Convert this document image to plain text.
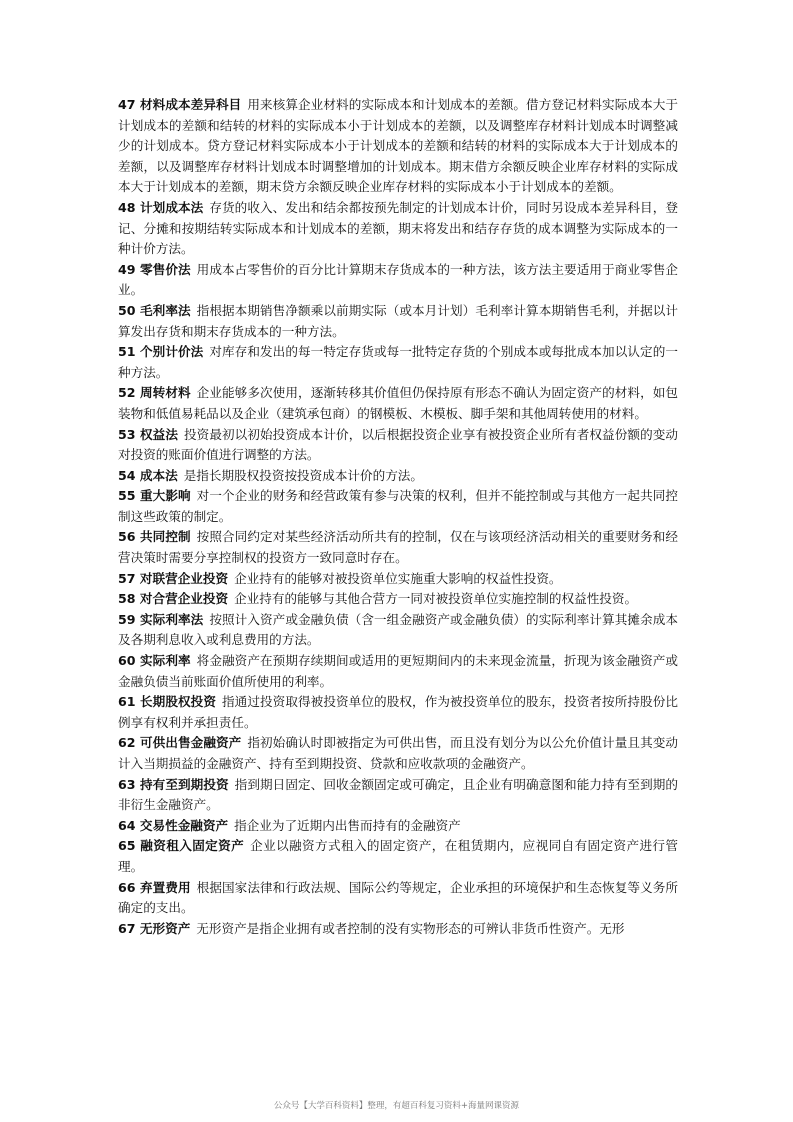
47 材料成本差异科目 用来核算企业材料的实际成本和计划成本的差额。借方登记材料实际成本大于计划成本的差额和结转的材料的实际成本小于计划成本的差额，以及调整库存材料计划成本时调整减少的计划成本。贷方登记材料实际成本小于计划成本的差额和结转的材料的实际成本大于计划成本的差额，以及调整库存材料计划成本时调整增加的计划成本。期末借方余额反映企业库存材料的实际成本大于计划成本的差额，期末贷方余额反映企业库存材料的实际成本小于计划成本的差额。

48 计划成本法 存货的收入、发出和结余都按预先制定的计划成本计价，同时另设成本差异科目，登记、分摊和按期结转实际成本和计划成本的差额，期末将发出和结存存货的成本调整为实际成本的一种计价方法。

49 零售价法 用成本占零售价的百分比计算期末存货成本的一种方法，该方法主要适用于商业零售企业。

50 毛利率法 指根据本期销售净额乘以前期实际（或本月计划）毛利率计算本期销售毛利，并据以计算发出存货和期末存货成本的一种方法。

51 个别计价法 对库存和发出的每一特定存货或每一批特定存货的个别成本或每批成本加以认定的一种方法。

52 周转材料 企业能够多次使用，逐渐转移其价值但仍保持原有形态不确认为固定资产的材料，如包装物和低值易耗品以及企业（建筑承包商）的钢模板、木模板、脚手架和其他周转使用的材料。

53 权益法 投资最初以初始投资成本计价，以后根据投资企业享有被投资企业所有者权益份额的变动对投资的账面价值进行调整的方法。

54 成本法 是指长期股权投资按投资成本计价的方法。

55 重大影响 对一个企业的财务和经营政策有参与决策的权利，但并不能控制或与其他方一起共同控制这些政策的制定。

56 共同控制 按照合同约定对某些经济活动所共有的控制，仅在与该项经济活动相关的重要财务和经营决策时需要分享控制权的投资方一致同意时存在。

57 对联营企业投资 企业持有的能够对被投资单位实施重大影响的权益性投资。

58 对合营企业投资 企业持有的能够与其他合营方一同对被投资单位实施控制的权益性投资。

59 实际利率法 按照计入资产或金融负债（含一组金融资产或金融负债）的实际利率计算其摊余成本及各期利息收入或利息费用的方法。

60 实际利率 将金融资产在预期存续期间或适用的更短期间内的未来现金流量，折现为该金融资产或金融负债当前账面价值所使用的利率。

61 长期股权投资 指通过投资取得被投资单位的股权，作为被投资单位的股东，投资者按所持股份比例享有权利并承担责任。

62 可供出售金融资产 指初始确认时即被指定为可供出售，而且没有划分为以公允价值计量且其变动计入当期损益的金融资产、持有至到期投资、贷款和应收款项的金融资产。

63 持有至到期投资 指到期日固定、回收金额固定或可确定，且企业有明确意图和能力持有至到期的非衍生金融资产。

64 交易性金融资产 指企业为了近期内出售而持有的金融资产

65 融资租入固定资产 企业以融资方式租入的固定资产，在租赁期内，应视同自有固定资产进行管理。

66 弃置费用 根据国家法律和行政法规、国际公约等规定，企业承担的环境保护和生态恢复等义务所确定的支出。

67 无形资产 无形资产是指企业拥有或者控制的没有实物形态的可辨认非货币性资产。无形

公众号【大学百科资料】整理，有超百科复习资料+海量网课资源
